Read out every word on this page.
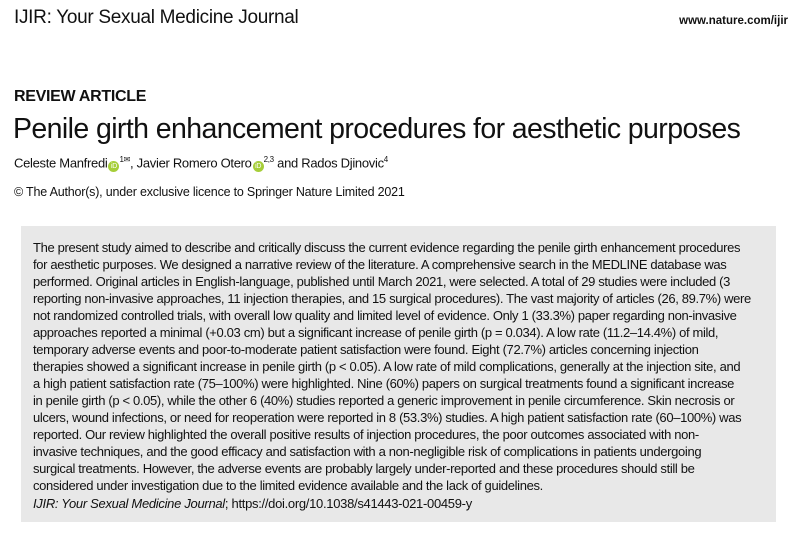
IJIR: Your Sexual Medicine Journal	www.nature.com/ijir
REVIEW ARTICLE
Penile girth enhancement procedures for aesthetic purposes
Celeste Manfredi $iD^{1✉}$, Javier Romero Otero iD$^{2,3}$ and Rados Djinovic$^4$
© The Author(s), under exclusive licence to Springer Nature Limited 2021
The present study aimed to describe and critically discuss the current evidence regarding the penile girth enhancement procedures
for aesthetic purposes. We designed a narrative review of the literature. A comprehensive search in the MEDLINE database was
performed. Original articles in English-language, published until March 2021, were selected. A total of 29 studies were included (3
reporting non-invasive approaches, 11 injection therapies, and 15 surgical procedures). The vast majority of articles (26, 89.7%) were
not randomized controlled trials, with overall low quality and limited level of evidence. Only 1 (33.3%) paper regarding non-invasive
approaches reported a minimal (+0.03 cm) but a significant increase of penile girth (p = 0.034). A low rate (11.2–14.4%) of mild,
temporary adverse events and poor-to-moderate patient satisfaction were found. Eight (72.7%) articles concerning injection
therapies showed a significant increase in penile girth (p < 0.05). A low rate of mild complications, generally at the injection site, and
a high patient satisfaction rate (75–100%) were highlighted. Nine (60%) papers on surgical treatments found a significant increase
in penile girth (p < 0.05), while the other 6 (40%) studies reported a generic improvement in penile circumference. Skin necrosis or
ulcers, wound infections, or need for reoperation were reported in 8 (53.3%) studies. A high patient satisfaction rate (60–100%) was
reported. Our review highlighted the overall positive results of injection procedures, the poor outcomes associated with non-
invasive techniques, and the good efficacy and satisfaction with a non-negligible risk of complications in patients undergoing
surgical treatments. However, the adverse events are probably largely under-reported and these procedures should still be
considered under investigation due to the limited evidence available and the lack of guidelines.
IJIR: Your Sexual Medicine Journal; https://doi.org/10.1038/s41443-021-00459-y
